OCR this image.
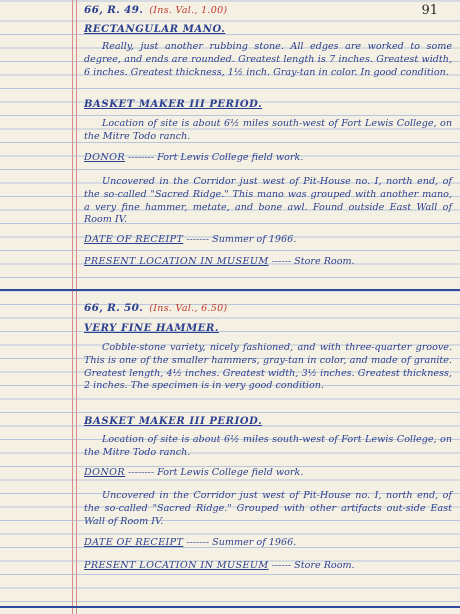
91
66, R. 49. (Ins. Val., 1.00)
RECTANGULAR MANO.
Really, just another rubbing stone. All edges are worked to some degree, and ends are rounded. Greatest length is 7 inches. Greatest width, 6 inches. Greatest thickness, 1½ inch. Gray-tan in color. In good condition.
BASKET MAKER III PERIOD.
Location of site is about 6½ miles south-west of Fort Lewis College, on the Mitre Todo ranch.
DONOR -------- Fort Lewis College field work.
Uncovered in the Corridor just west of Pit-House no. I, north end, of the so-called "Sacred Ridge." This mano was grouped with another mano, a very fine hammer, metate, and bone awl. Found outside East Wall of Room IV.
DATE OF RECEIPT ------- Summer of 1966.
PRESENT LOCATION IN MUSEUM ------ Store Room.
66, R. 50. (Ins. Val., 6.50)
VERY FINE HAMMER.
Cobble-stone variety, nicely fashioned, and with three-quarter groove. This is one of the smaller hammers, gray-tan in color, and made of granite. Greatest length, 4½ inches. Greatest width, 3½ inches. Greatest thickness, 2 inches. The specimen is in very good condition.
BASKET MAKER III PERIOD.
Location of site is about 6½ miles south-west of Fort Lewis College, on the Mitre Todo ranch.
DONOR -------- Fort Lewis College field work.
Uncovered in the Corridor just west of Pit-House no. I, north end, of the so-called "Sacred Ridge." Grouped with other artifacts out-side East Wall of Room IV.
DATE OF RECEIPT ------- Summer of 1966.
PRESENT LOCATION IN MUSEUM ------ Store Room.
